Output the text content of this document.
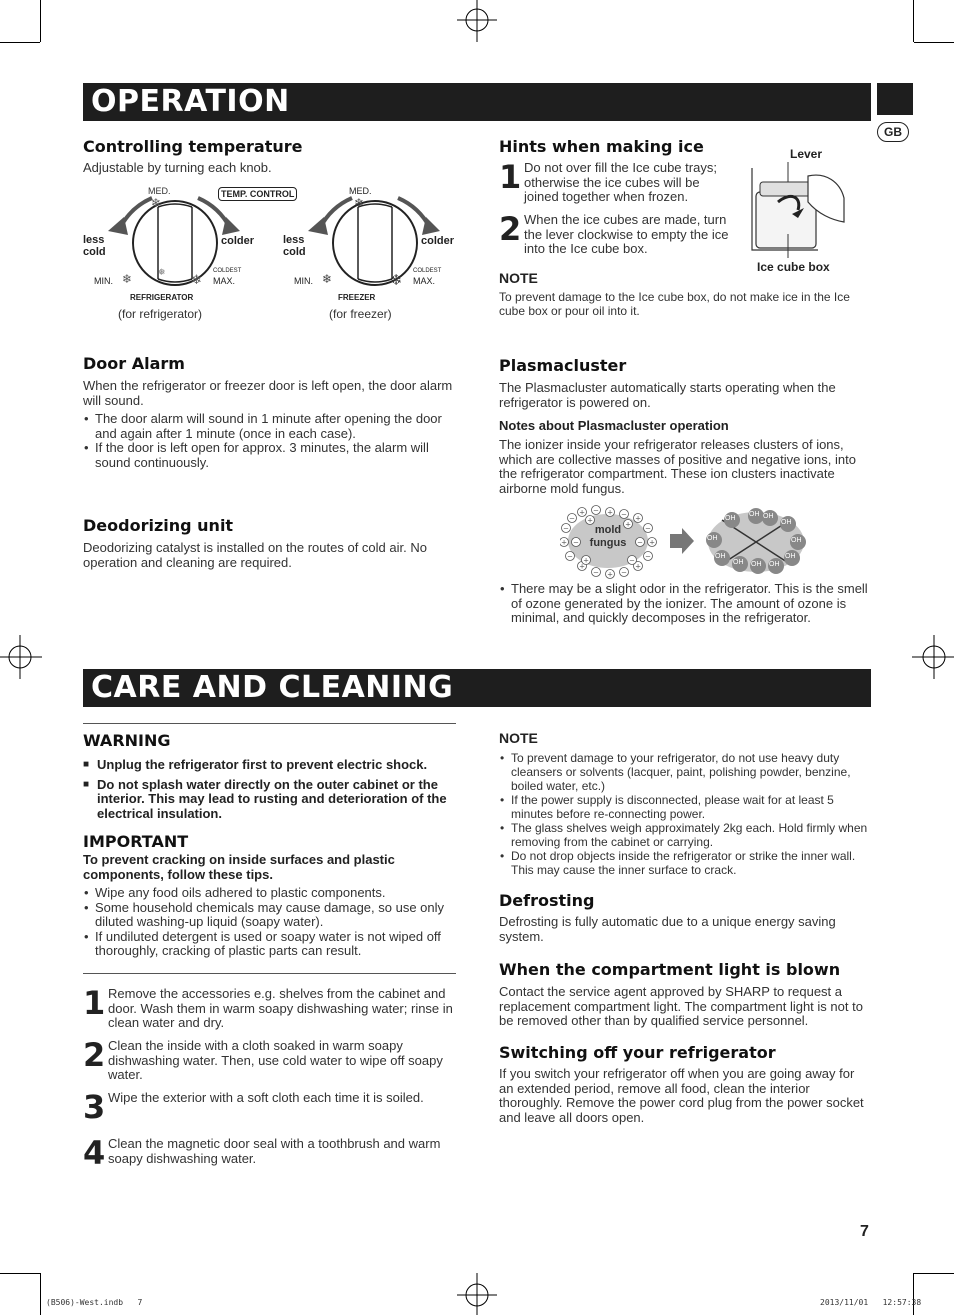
OPERATION
GB
Controlling temperature

Adjustable by turning each knob.

❅
MED.
❄
TEMP. CONTROL
less
cold
colder
MIN. ❄	❄
COLDEST
MAX.
REFRIGERATOR
(for refrigerator)
MED.
❄
less
cold
colder
MIN. ❄	❄
COLDEST
MAX.
FREEZER
(for freezer)
Hints when making ice
1 Do not over fill the Ice cube trays; otherwise the ice cubes will be joined together when frozen.
2 When the ice cubes are made, turn the lever clockwise to empty the ice into the Ice cube box.
Lever
Ice cube box
NOTE

To prevent damage to the Ice cube box, do not make ice in the Ice cube box or pour oil into it.

Door Alarm

When the refrigerator or freezer door is left open, the door alarm will sound.

• The door alarm will sound in 1 minute after opening the door and again after 1 minute (once in each case).
• If the door is left open for approx. 3 minutes, the alarm will sound continuously.
Deodorizing unit

Deodorizing catalyst is installed on the routes of cold air. No operation and cleaning are required.

Plasmacluster

The Plasmacluster automatically starts operating when the refrigerator is powered on.

Notes about Plasmacluster operation

The ionizer inside your refrigerator releases clusters of ions, which are collective masses of positive and negative ions, into the refrigerator compartment. These ion clusters inactivate airborne mold fungus.

−
+ − + − +
−
+
−
+
−
+
−
+
−
+
−
+	+
−
+
−
−
mold
fungus
OH
OH OH
OH
OH
OH
OH
OH
OH
OH
OH
• There may be a slight odor in the refrigerator. This is the smell of ozone generated by the ionizer. The amount of ozone is minimal, and quickly decomposes in the refrigerator.
CARE AND CLEANING
WARNING
■ Unplug the refrigerator first to prevent electric shock.
■ Do not splash water directly on the outer cabinet or the interior. This may lead to rusting and deterioration of the electrical insulation.
IMPORTANT

To prevent cracking on inside surfaces and plastic components, follow these tips.

• Wipe any food oils adhered to plastic components.
• Some household chemicals may cause damage, so use only diluted washing-up liquid (soapy water).
• If undiluted detergent is used or soapy water is not wiped off thoroughly, cracking of plastic parts can result.
1 Remove the accessories e.g. shelves from the cabinet and door. Wash them in warm soapy dishwashing water; rinse in clean water and dry.
2 Clean the inside with a cloth soaked in warm soapy dishwashing water. Then, use cold water to wipe off soapy water.
3 Wipe the exterior with a soft cloth each time it is soiled.
4 Clean the magnetic door seal with a toothbrush and warm soapy dishwashing water.
NOTE
• To prevent damage to your refrigerator, do not use heavy duty cleansers or solvents (lacquer, paint, polishing powder, benzine, boiled water, etc.)
• If the power supply is disconnected, please wait for at least 5 minutes before re-connecting power.
• The glass shelves weigh approximately 2kg each. Hold firmly when removing from the cabinet or carrying.
• Do not drop objects inside the refrigerator or strike the inner wall. This may cause the inner surface to crack.
Defrosting

Defrosting is fully automatic due to a unique energy saving system.

When the compartment light is blown

Contact the service agent approved by SHARP to request a replacement compartment light. The compartment light is not to be removed other than by qualified service personnel.

Switching off your refrigerator

If you switch your refrigerator off when you are going away for an extended period, remove all food, clean the interior thoroughly. Remove the power cord plug from the power socket and leave all doors open.

7
(B506)-West.indb   7	2013/11/01   12:57:38
